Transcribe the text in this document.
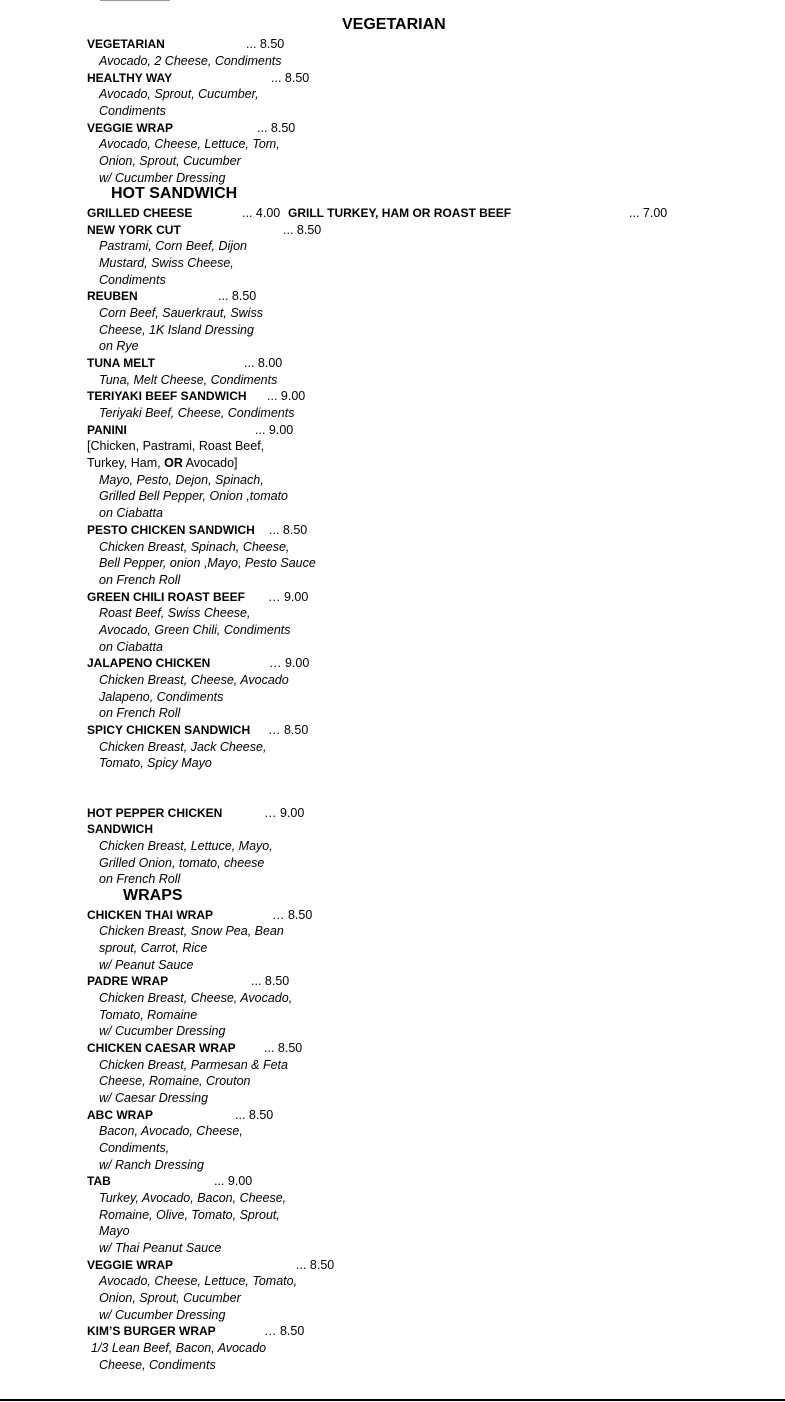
VEGETARIAN
VEGETARIAN	... 8.50
Avocado, 2 Cheese, Condiments
HEALTHY WAY	... 8.50
Avocado, Sprout, Cucumber,
Condiments
VEGGIE WRAP	... 8.50
Avocado, Cheese, Lettuce, Tom,
Onion, Sprout, Cucumber
w/ Cucumber Dressing
HOT SANDWICH
GRILLED CHEESE	... 4.00 GRILL TURKEY, HAM OR ROAST BEEF	... 7.00
NEW YORK CUT	... 8.50
Pastrami, Corn Beef, Dijon
Mustard, Swiss Cheese,
Condiments
REUBEN	... 8.50
Corn Beef, Sauerkraut, Swiss
Cheese, 1K Island Dressing
on Rye
TUNA MELT	... 8.00
Tuna, Melt Cheese, Condiments
TERIYAKI BEEF SANDWICH ... 9.00
Teriyaki Beef, Cheese, Condiments
PANINI	... 9.00
[Chicken, Pastrami, Roast Beef,
Turkey, Ham, OR Avocado]
Mayo, Pesto, Dejon, Spinach,
Grilled Bell Pepper, Onion ,tomato
on Ciabatta
PESTO CHICKEN SANDWICH ... 8.50
Chicken Breast, Spinach, Cheese,
Bell Pepper, onion ,Mayo, Pesto Sauce
on French Roll
GREEN CHILI ROAST BEEF … 9.00
Roast Beef, Swiss Cheese,
Avocado, Green Chili, Condiments
on Ciabatta
JALAPENO CHICKEN	… 9.00
Chicken Breast, Cheese, Avocado
Jalapeno, Condiments
on French Roll
SPICY CHICKEN SANDWICH … 8.50
Chicken Breast, Jack Cheese,
Tomato, Spicy Mayo
HOT PEPPER CHICKEN	… 9.00
SANDWICH
Chicken Breast, Lettuce, Mayo,
Grilled Onion, tomato, cheese
on French Roll
WRAPS
CHICKEN THAI WRAP	… 8.50
Chicken Breast, Snow Pea, Bean
sprout, Carrot, Rice
w/ Peanut Sauce
PADRE WRAP	... 8.50
Chicken Breast, Cheese, Avocado,
Tomato, Romaine
w/ Cucumber Dressing
CHICKEN CAESAR WRAP ... 8.50
Chicken Breast, Parmesan & Feta
Cheese, Romaine, Crouton
w/ Caesar Dressing
ABC WRAP	... 8.50
Bacon, Avocado, Cheese,
Condiments,
w/ Ranch Dressing
TAB	... 9.00
Turkey, Avocado, Bacon, Cheese,
Romaine, Olive, Tomato, Sprout,
Mayo
w/ Thai Peanut Sauce
VEGGIE WRAP	... 8.50
Avocado, Cheese, Lettuce, Tomato,
Onion, Sprout, Cucumber
w/ Cucumber Dressing
KIM’S BURGER WRAP	… 8.50
1/3 Lean Beef, Bacon, Avocado
Cheese, Condiments
